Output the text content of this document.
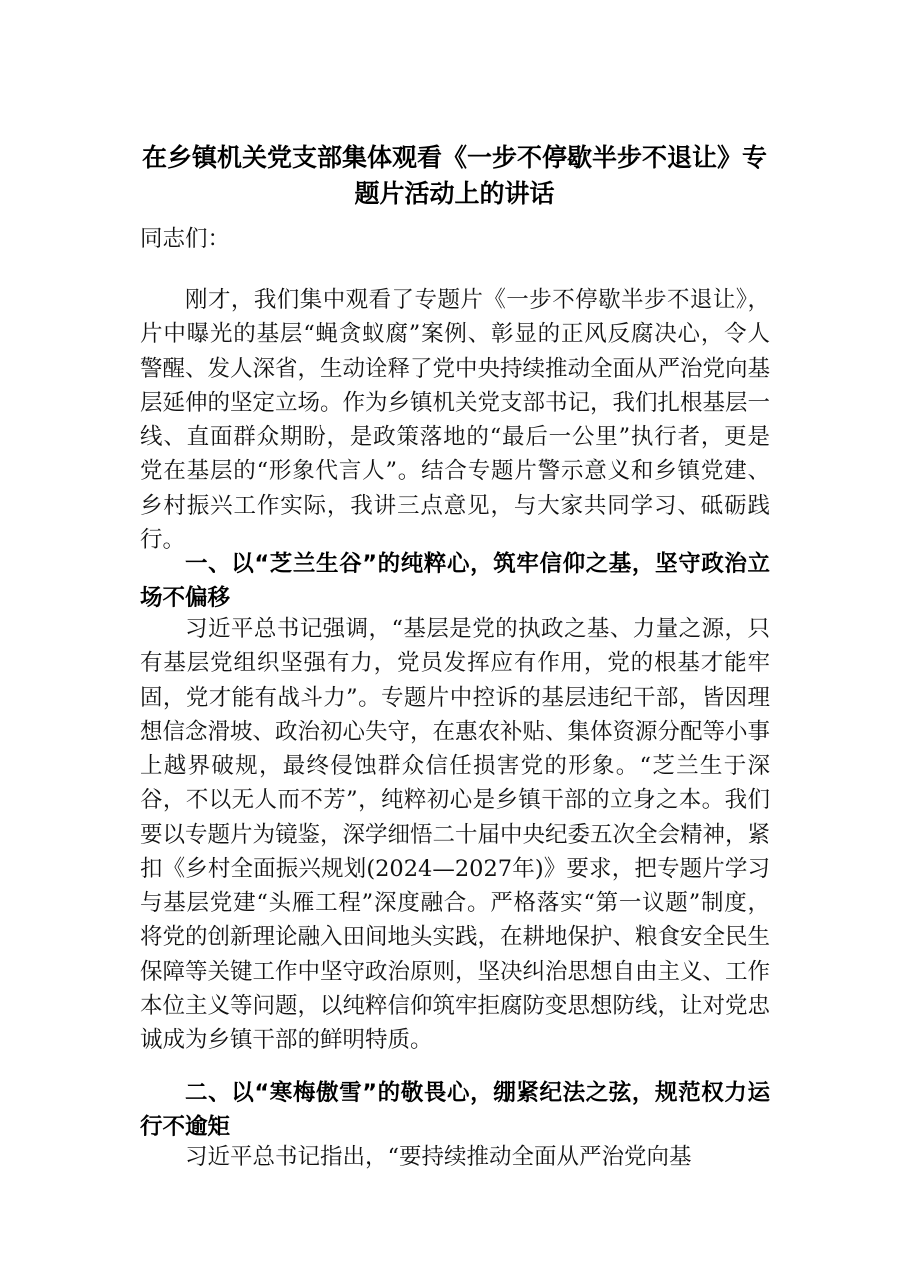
在乡镇机关党支部集体观看《一步不停歇半步不退让》专题片活动上的讲话
同志们：
刚才，我们集中观看了专题片《一步不停歇半步不退让》，片中曝光的基层“蝇贪蚁腐”案例、彰显的正风反腐决心，令人警醒、发人深省，生动诠释了党中央持续推动全面从严治党向基层延伸的坚定立场。作为乡镇机关党支部书记，我们扎根基层一线、直面群众期盼，是政策落地的“最后一公里”执行者，更是党在基层的“形象代言人”。结合专题片警示意义和乡镇党建、乡村振兴工作实际，我讲三点意见，与大家共同学习、砥砺践行。
一、以“芝兰生谷”的纯粹心，筑牢信仰之基，坚守政治立场不偏移
习近平总书记强调，“基层是党的执政之基、力量之源，只有基层党组织坚强有力，党员发挥应有作用，党的根基才能牢固，党才能有战斗力”。专题片中控诉的基层违纪干部，皆因理想信念滑坡、政治初心失守，在惠农补贴、集体资源分配等小事上越界破规，最终侵蚀群众信任损害党的形象。“芝兰生于深谷，不以无人而不芳”，纯粹初心是乡镇干部的立身之本。我们要以专题片为镜鉴，深学细悟二十届中央纪委五次全会精神，紧扣《乡村全面振兴规划(2024—2027年)》要求，把专题片学习与基层党建“头雁工程”深度融合。严格落实“第一议题”制度，将党的创新理论融入田间地头实践，在耕地保护、粮食安全民生保障等关键工作中坚守政治原则，坚决纠治思想自由主义、工作本位主义等问题，以纯粹信仰筑牢拒腐防变思想防线，让对党忠诚成为乡镇干部的鲜明特质。
二、以“寒梅傲雪”的敬畏心，绷紧纪法之弦，规范权力运行不逾矩
习近平总书记指出，“要持续推动全面从严治党向基
